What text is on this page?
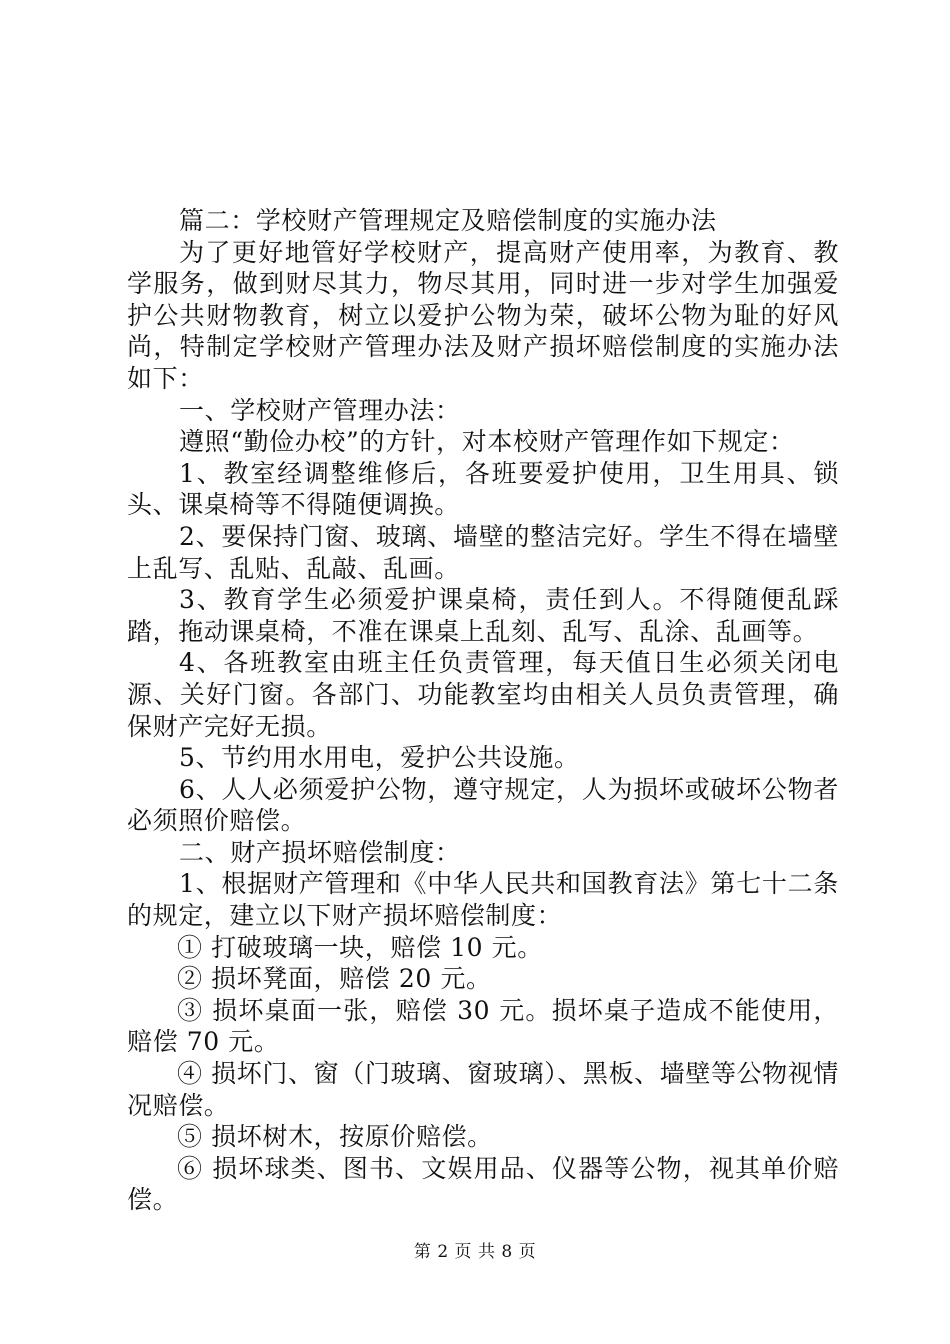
篇二：学校财产管理规定及赔偿制度的实施办法

为了更好地管好学校财产，提高财产使用率，为教育、教学服务，做到财尽其力，物尽其用，同时进一步对学生加强爱护公共财物教育，树立以爱护公物为荣，破坏公物为耻的好风尚，特制定学校财产管理办法及财产损坏赔偿制度的实施办法如下：

一、学校财产管理办法：

遵照“勤俭办校”的方针，对本校财产管理作如下规定：

1、教室经调整维修后，各班要爱护使用，卫生用具、锁头、课桌椅等不得随便调换。

2、要保持门窗、玻璃、墙壁的整洁完好。学生不得在墙壁上乱写、乱贴、乱敲、乱画。

3、教育学生必须爱护课桌椅，责任到人。不得随便乱踩踏，拖动课桌椅，不准在课桌上乱刻、乱写、乱涂、乱画等。

4、各班教室由班主任负责管理，每天值日生必须关闭电源、关好门窗。各部门、功能教室均由相关人员负责管理，确保财产完好无损。

5、节约用水用电，爱护公共设施。

6、人人必须爱护公物，遵守规定，人为损坏或破坏公物者必须照价赔偿。

二、财产损坏赔偿制度：

1、根据财产管理和《中华人民共和国教育法》第七十二条的规定，建立以下财产损坏赔偿制度：

① 打破玻璃一块，赔偿 10 元。

② 损坏凳面，赔偿 20 元。

③ 损坏桌面一张，赔偿 30 元。损坏桌子造成不能使用，赔偿 70 元。

④ 损坏门、窗（门玻璃、窗玻璃）、黑板、墙壁等公物视情况赔偿。

⑤ 损坏树木，按原价赔偿。

⑥ 损坏球类、图书、文娱用品、仪器等公物，视其单价赔偿。

第 2 页 共 8 页
